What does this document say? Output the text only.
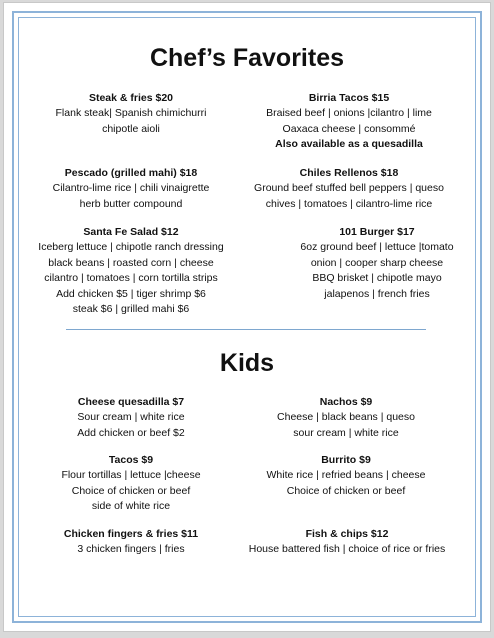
Chef’s Favorites
Steak & fries $20
Flank steak| Spanish chimichurri
chipotle aioli
Pescado (grilled mahi) $18
Cilantro-lime rice | chili vinaigrette
herb butter compound
Santa Fe Salad $12
Iceberg lettuce | chipotle ranch dressing
black beans | roasted corn | cheese
cilantro | tomatoes | corn tortilla strips
Add chicken $5 | tiger shrimp $6
steak $6 | grilled mahi $6
Birria Tacos $15
Braised beef | onions |cilantro | lime
Oaxaca cheese | consommé
Also available as a quesadilla
Chiles Rellenos $18
Ground beef stuffed bell peppers | queso
chives | tomatoes | cilantro-lime rice
101 Burger $17
6oz ground beef | lettuce |tomato
onion | cooper sharp cheese
BBQ brisket | chipotle mayo
jalapenos | french fries
Kids
Cheese quesadilla $7
Sour cream | white rice
Add chicken or beef $2
Tacos $9
Flour tortillas | lettuce |cheese
Choice of chicken or beef
side of white rice
Chicken fingers & fries $11
3 chicken fingers | fries
Nachos $9
Cheese | black beans | queso
sour cream | white rice
Burrito $9
White rice | refried beans | cheese
Choice of chicken or beef
Fish & chips $12
House battered fish | choice of rice or fries
